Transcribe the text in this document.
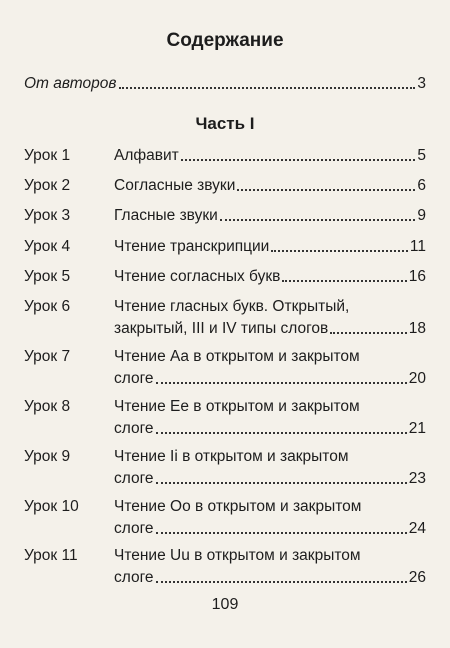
Содержание
От авторов	3
Часть I
Урок 1	Алфавит	5
Урок 2	Согласные звуки	6
Урок 3	Гласные звуки	9
Урок 4	Чтение транскрипции	11
Урок 5	Чтение согласных букв	16
Урок 6	Чтение гласных букв. Открытый,
закрытый, III и IV типы слогов	18
Урок 7	Чтение Aa в открытом и закрытом
слоге	20
Урок 8	Чтение Ee в открытом и закрытом
слоге	21
Урок 9	Чтение Ii в открытом и закрытом
слоге	23
Урок 10	Чтение Oo в открытом и закрытом
слоге	24
Урок 11	Чтение Uu в открытом и закрытом
слоге	26
109
